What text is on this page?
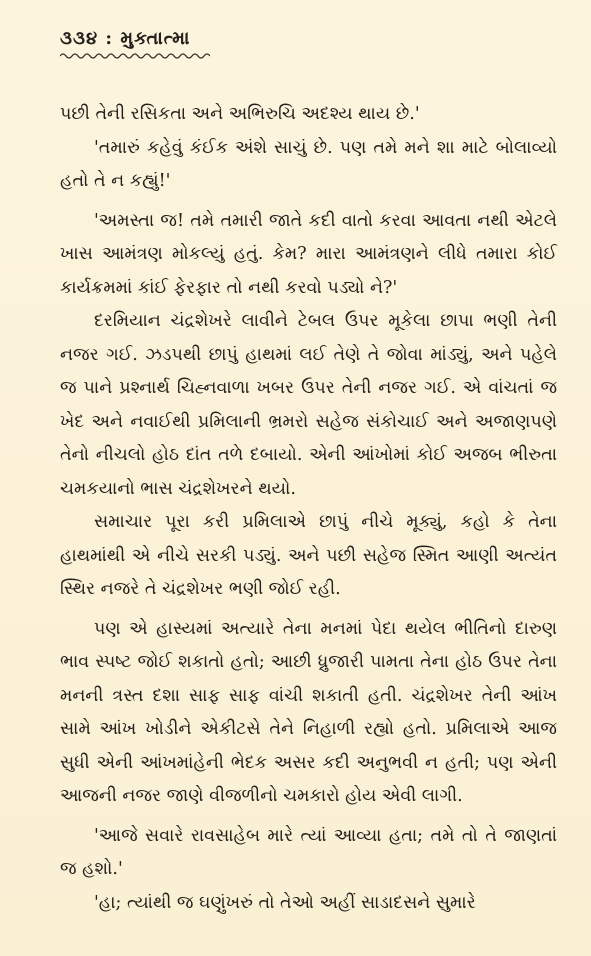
૩૩૪ : મુક્તાત્મા

પછી તેની રસિકતા અને અભિરુચિ અદશ્ય થાય છે.'

'તમારું કહેવું કંઈક અંશે સાચું છે. પણ તમે મને શા માટે બોલાવ્યો હતો તે ન કહ્યું!'

'અમસ્તા જ! તમે તમારી જાતે કદી વાતો કરવા આવતા નથી એટલે ખાસ આમંત્રણ મોકલ્યું હતું. કેમ? મારા આમંત્રણને લીધે તમારા કોઈ કાર્યક્રમમાં કાંઈ ફેરફાર તો નથી કરવો પડ્યો ને?'

દરમિયાન ચંદ્રશેખરે લાવીને ટેબલ ઉપર મૂકેલા છાપા ભણી તેની નજર ગઈ. ઝડપથી છાપું હાથમાં લઈ તેણે તે જોવા માંડ્યું, અને પહેલે જ પાને પ્રશ્નાર્થ ચિહ્નવાળા ખબર ઉપર તેની નજર ગઈ. એ વાંચતાં જ ખેદ અને નવાઈથી પ્રમિલાની ભ્રમરો સહેજ સંકોચાઈ અને અજાણપણે તેનો નીચલો હોઠ દાંત તળે દબાયો. એની આંખોમાં કોઈ અજબ ભીરુતા ચમકયાનો ભાસ ચંદ્રશેખરને થયો.

સમાચાર પૂરા કરી પ્રમિલાએ છાપું નીચે મૂક્યું, કહો કે તેના હાથમાંથી એ નીચે સરકી પડ્યું. અને પછી સહેજ સ્મિત આણી અત્યંત સ્થિર નજરે તે ચંદ્રશેખર ભણી જોઈ રહી.

પણ એ હાસ્યમાં અત્યારે તેના મનમાં પેદા થયેલ ભીતિનો દારુણ ભાવ સ્પષ્ટ જોઈ શકાતો હતો; આછી ધ્રુજારી પામતા તેના હોઠ ઉપર તેના મનની ત્રસ્ત દશા સાફ સાફ વાંચી શકાતી હતી. ચંદ્રશેખર તેની આંખ સામે આંખ ખોડીને એકીટસે તેને નિહાળી રહ્યો હતો. પ્રમિલાએ આજ સુધી એની આંખમાંહેની ભેદક અસર કદી અનુભવી ન હતી; પણ એની આજની નજર જાણે વીજળીનો ચમકારો હોય એવી લાગી.

'આજે સવારે રાવસાહેબ મારે ત્યાં આવ્યા હતા; તમે તો તે જાણતાં જ હશો.'

'હા; ત્યાંથી જ ઘણુંખરું તો તેઓ અહીં સાડાદસને સુમારે
